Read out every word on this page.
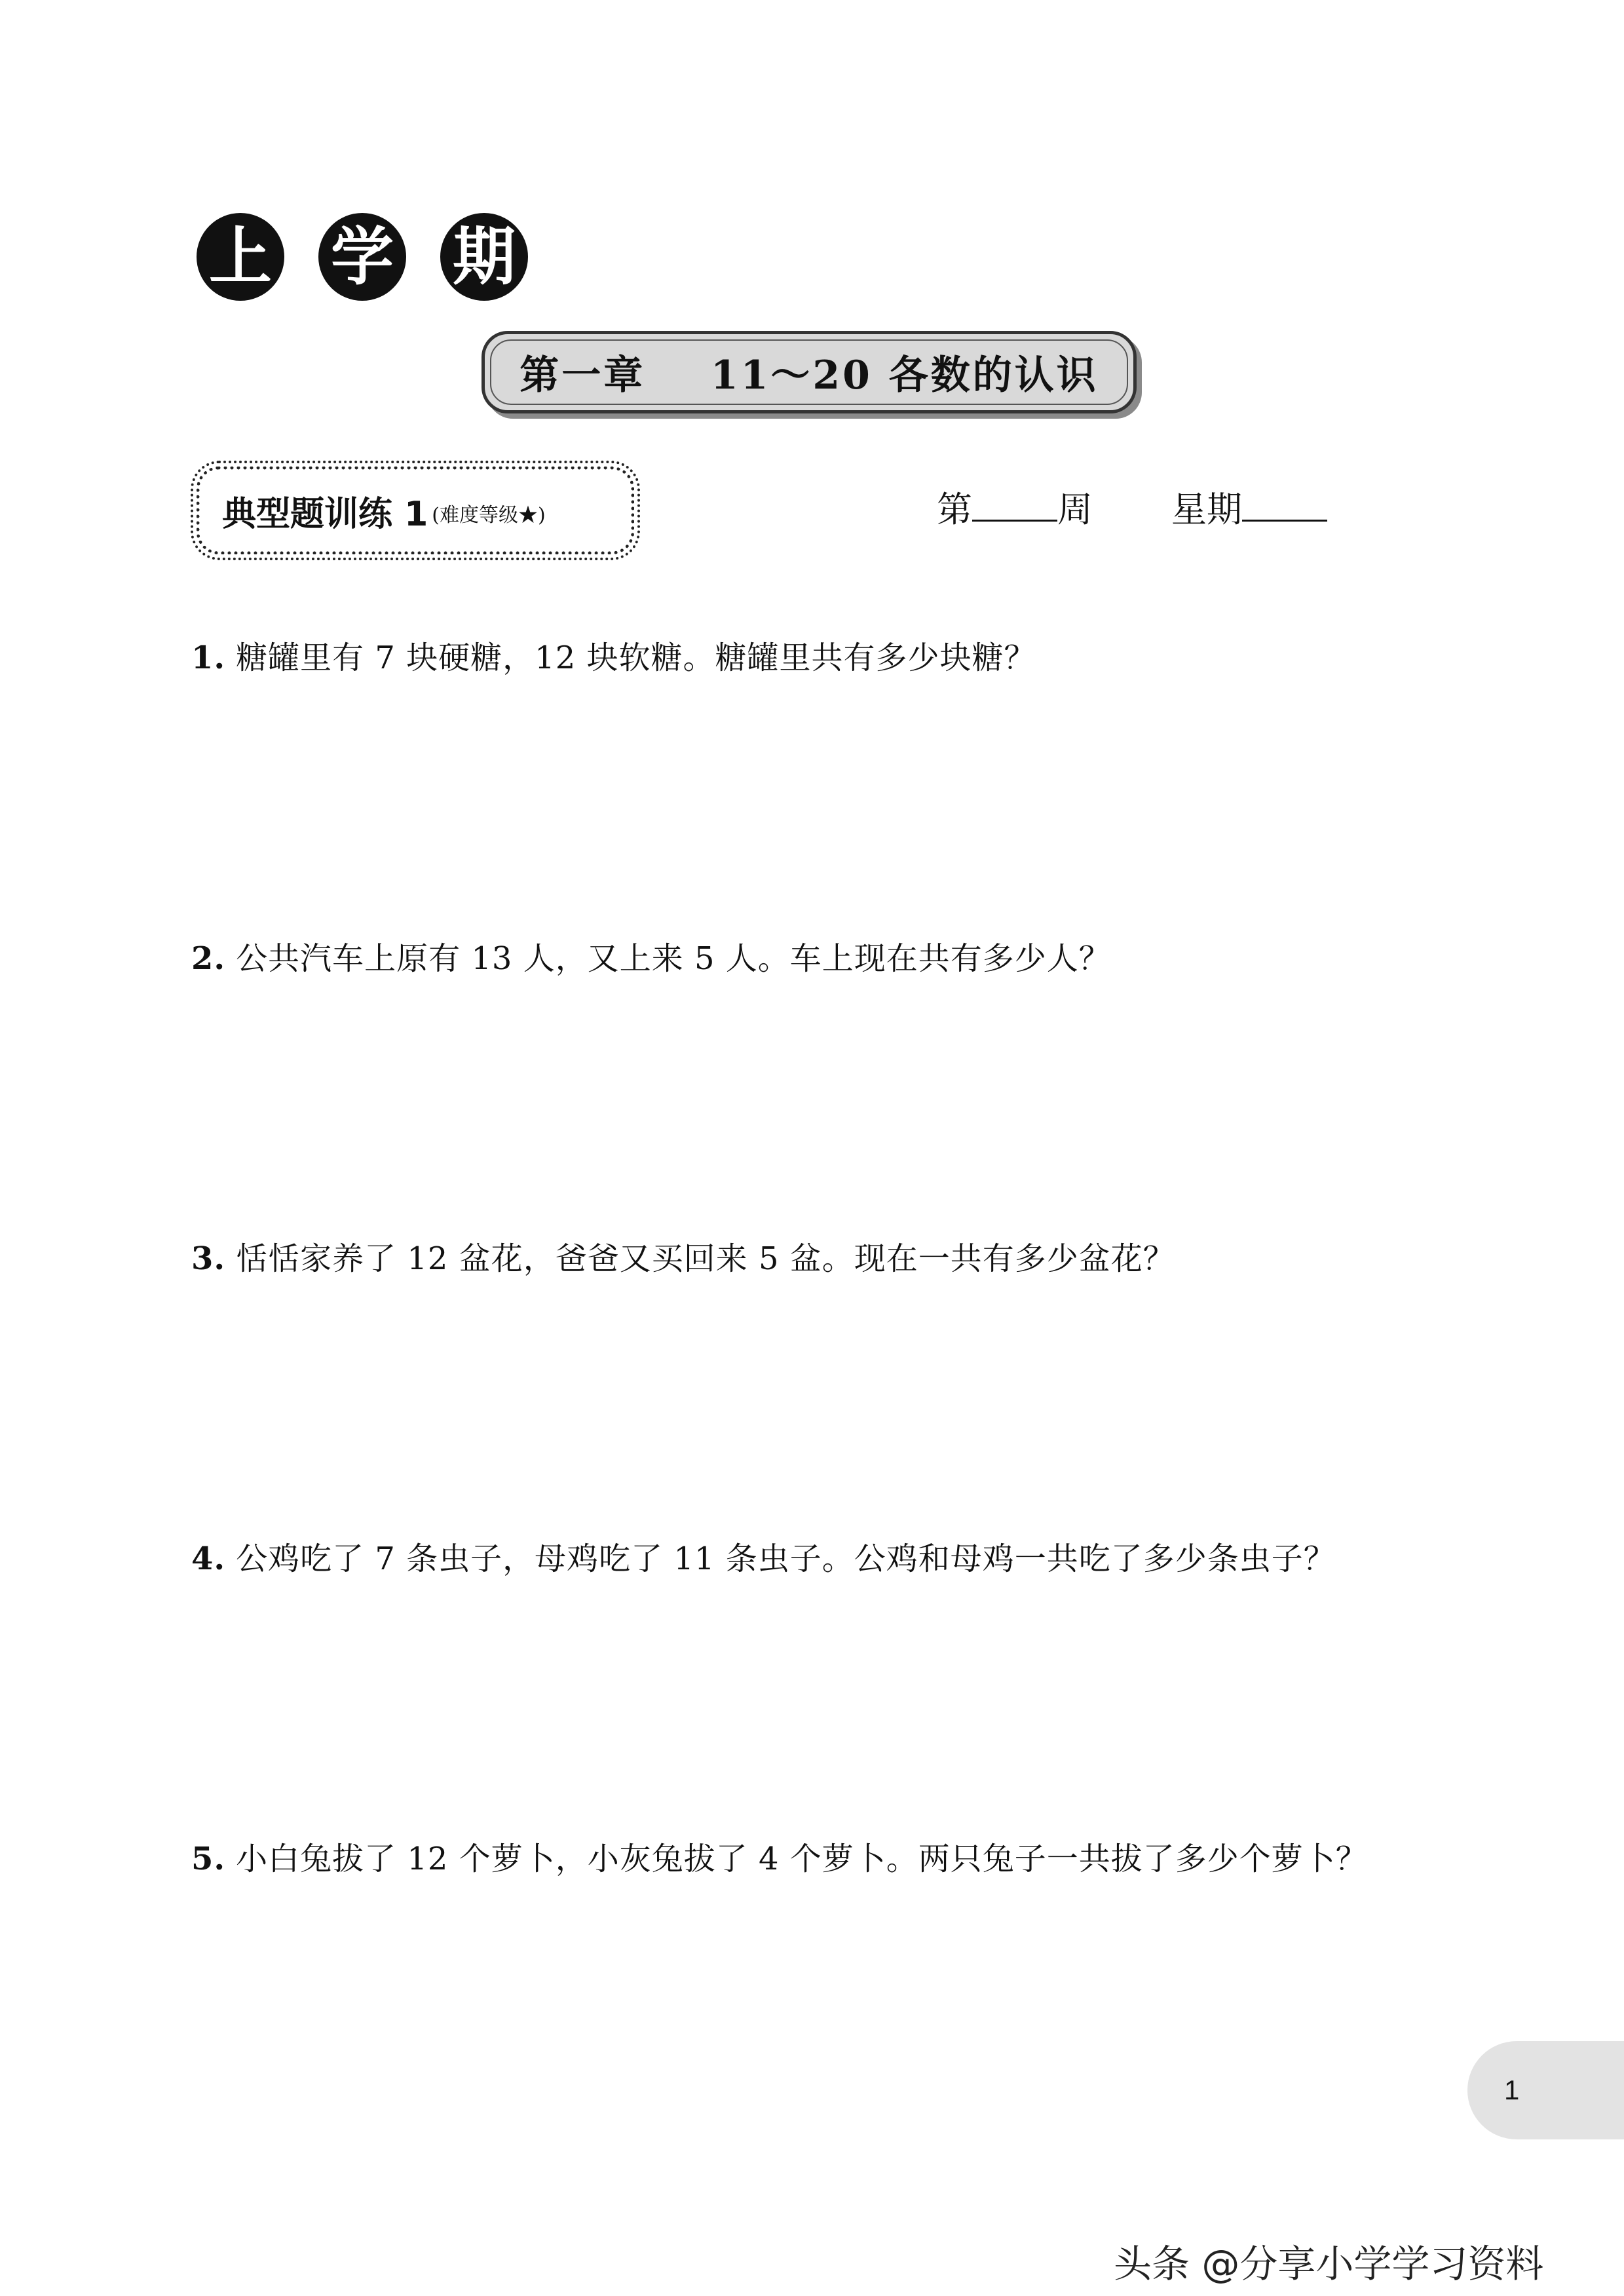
上 学 期
第一章    11～20 各数的认识
典型题训练 1 (难度等级★)	第 周 星期
1. 糖罐里有 7 块硬糖，12 块软糖。糖罐里共有多少块糖？
2. 公共汽车上原有 13 人，又上来 5 人。车上现在共有多少人？
3. 恬恬家养了 12 盆花，爸爸又买回来 5 盆。现在一共有多少盆花？
4. 公鸡吃了 7 条虫子，母鸡吃了 11 条虫子。公鸡和母鸡一共吃了多少条虫子？
5. 小白兔拔了 12 个萝卜，小灰兔拔了 4 个萝卜。两只兔子一共拔了多少个萝卜？
1
头条 @分享小学学习资料
